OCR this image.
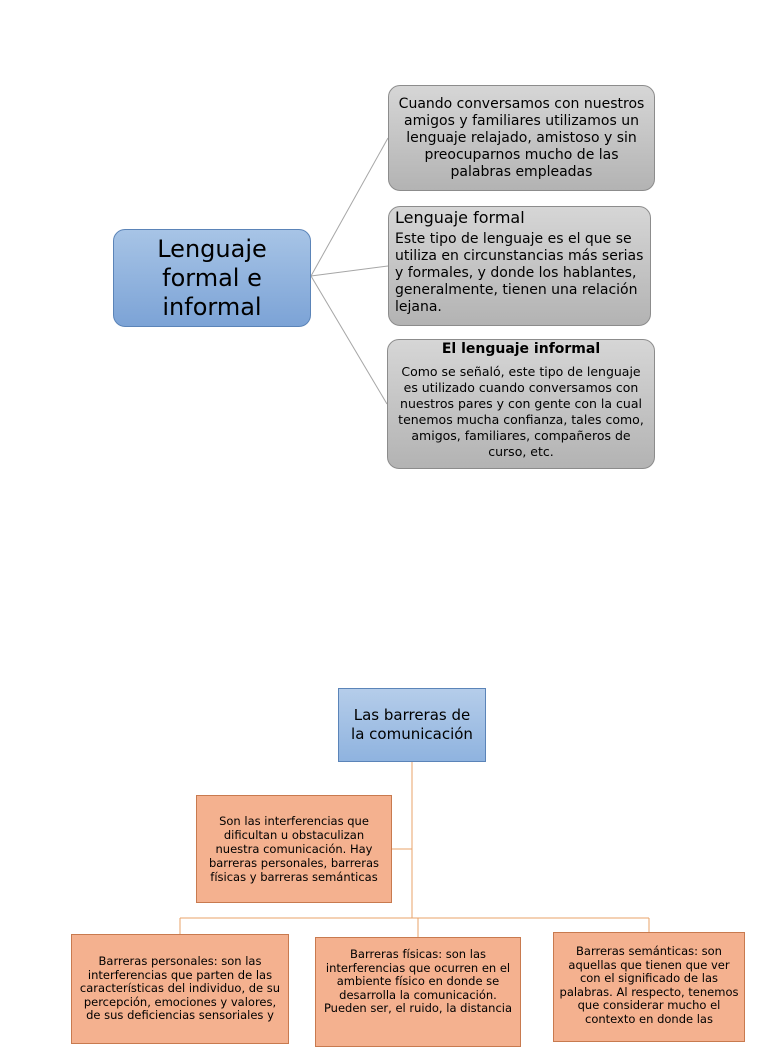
Lenguaje formal e informal
Cuando conversamos con nuestros amigos y familiares utilizamos un lenguaje relajado, amistoso y sin preocuparnos mucho de las palabras empleadas
Lenguaje formal
Este tipo de lenguaje es el que se utiliza en circunstancias más serias y formales, y donde los hablantes, generalmente, tienen una relación lejana.
El lenguaje informal
Como se señaló, este tipo de lenguaje es utilizado cuando conversamos con nuestros pares y con gente con la cual tenemos mucha confianza, tales como, amigos, familiares, compañeros de curso, etc.
Las barreras de la comunicación
Son las interferencias que dificultan u obstaculizan nuestra comunicación. Hay barreras personales, barreras físicas y barreras semánticas
Barreras personales: son las interferencias que parten de las características del individuo, de su percepción, emociones y valores, de sus deficiencias sensoriales y
Barreras físicas: son las interferencias que ocurren en el ambiente físico en donde se desarrolla la comunicación. Pueden ser, el ruido, la distancia
Barreras semánticas: son aquellas que tienen que ver con el significado de las palabras. Al respecto, tenemos que considerar mucho el contexto en donde las
